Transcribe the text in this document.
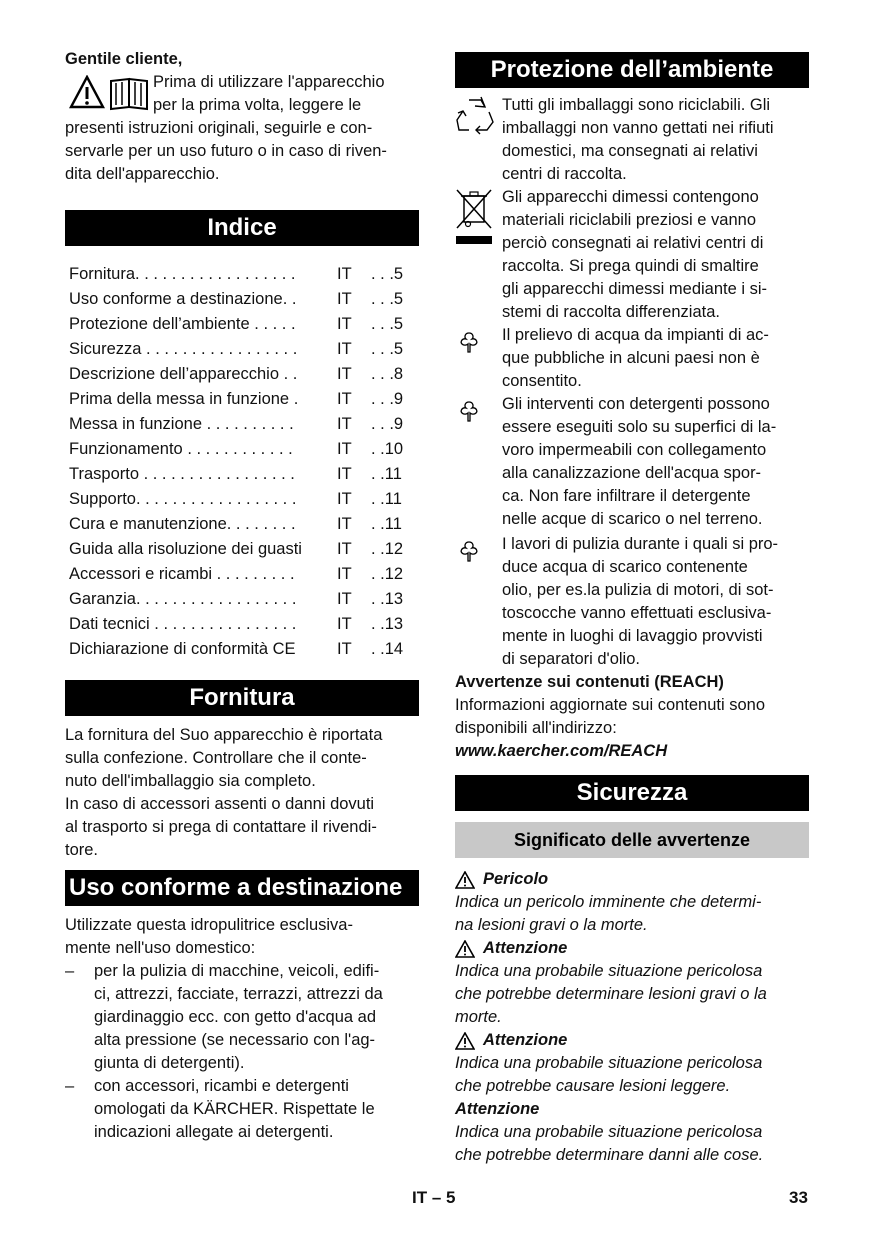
Gentile cliente,

Prima di utilizzare l'apparecchio

per la prima volta, leggere le

presenti istruzioni originali, seguirle e con-

servarle per un uso futuro o in caso di riven-

dita dell'apparecchio.

Indice
Fornitura. . . . . . . . . . . . . . . . . .	IT	. . .5
Uso conforme a destinazione. .	IT	. . .5
Protezione dell’ambiente . . . . .	IT	. . .5
Sicurezza . . . . . . . . . . . . . . . . .	IT	. . .5
Descrizione dell’apparecchio . .	IT	. . .8
Prima della messa in funzione .	IT	. . .9
Messa in funzione . . . . . . . . . .	IT	. . .9
Funzionamento . . . . . . . . . . . .	IT	. .10
Trasporto . . . . . . . . . . . . . . . . .	IT	. .11
Supporto. . . . . . . . . . . . . . . . . .	IT	. .11
Cura e manutenzione. . . . . . . .	IT	. .11
Guida alla risoluzione dei guasti	IT	. .12
Accessori e ricambi . . . . . . . . .	IT	. .12
Garanzia. . . . . . . . . . . . . . . . . .	IT	. .13
Dati tecnici . . . . . . . . . . . . . . . .	IT	. .13
Dichiarazione di conformità CE	IT	. .14
Fornitura

La fornitura del Suo apparecchio è riportata

sulla confezione. Controllare che il conte-

nuto dell'imballaggio sia completo.

In caso di accessori assenti o danni dovuti

al trasporto si prega di contattare il rivendi-

tore.

Uso conforme a destinazione

Utilizzate questa idropulitrice esclusiva-

mente nell'uso domestico:

– per la pulizia di macchine, veicoli, edifi-

ci, attrezzi, facciate, terrazzi, attrezzi da

giardinaggio ecc. con getto d'acqua ad

alta pressione (se necessario con l'ag-

giunta di detergenti).

– con accessori, ricambi e detergenti

omologati da KÄRCHER. Rispettate le

indicazioni allegate ai detergenti.

Protezione dell’ambiente

Tutti gli imballaggi sono riciclabili. Gli

imballaggi non vanno gettati nei rifiuti

domestici, ma consegnati ai relativi

centri di raccolta.

Gli apparecchi dimessi contengono

materiali riciclabili preziosi e vanno

perciò consegnati ai relativi centri di

raccolta. Si prega quindi di smaltire

gli apparecchi dimessi mediante i si-

stemi di raccolta differenziata.

Il prelievo di acqua da impianti di ac-

que pubbliche in alcuni paesi non è

consentito.

Gli interventi con detergenti possono

essere eseguiti solo su superfici di la-

voro impermeabili con collegamento

alla canalizzazione dell'acqua spor-

ca. Non fare infiltrare il detergente

nelle acque di scarico o nel terreno.

I lavori di pulizia durante i quali si pro-

duce acqua di scarico contenente

olio, per es.la pulizia di motori, di sot-

toscocche vanno effettuati esclusiva-

mente in luoghi di lavaggio provvisti

di separatori d'olio.

Avvertenze sui contenuti (REACH)

Informazioni aggiornate sui contenuti sono

disponibili all'indirizzo:

www.kaercher.com/REACH

Sicurezza
Significato delle avvertenze
Pericolo

Indica un pericolo imminente che determi-

na lesioni gravi o la morte.

Attenzione

Indica una probabile situazione pericolosa

che potrebbe determinare lesioni gravi o la

morte.

Attenzione

Indica una probabile situazione pericolosa

che potrebbe causare lesioni leggere.

Attenzione

Indica una probabile situazione pericolosa

che potrebbe determinare danni alle cose.

IT – 5	33
